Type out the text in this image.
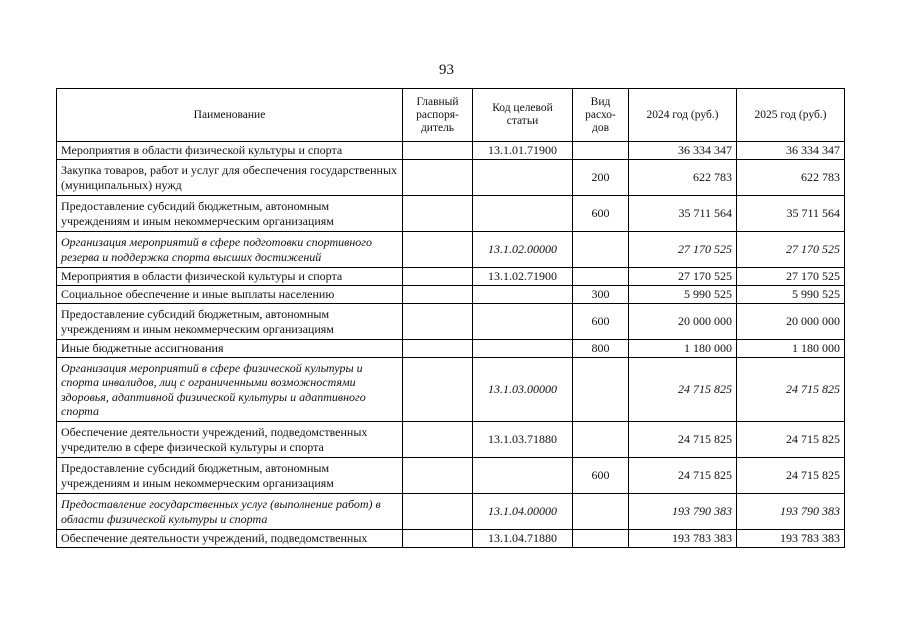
93
Паименование	Главный распоря-дитель	Код целевой статьи	Вид расхо-дов	2024 год (руб.)	2025 год (руб.)
Мероприятия в области физической культуры и спорта		13.1.01.71900		36 334 347	36 334 347
Закупка товаров, работ и услуг для обеспечения государственных (муниципальных) нужд			200	622 783	622 783
Предоставление субсидий бюджетным, автономным учреждениям и иным некоммерческим организациям			600	35 711 564	35 711 564
Организация мероприятий в сфере подготовки спортивного резерва и поддержка спорта высших достижений		13.1.02.00000		27 170 525	27 170 525
Мероприятия в области физической культуры и спорта		13.1.02.71900		27 170 525	27 170 525
Социальное обеспечение и иные выплаты населению			300	5 990 525	5 990 525
Предоставление субсидий бюджетным, автономным учреждениям и иным некоммерческим организациям			600	20 000 000	20 000 000
Иные бюджетные ассигнования			800	1 180 000	1 180 000
Организация мероприятий в сфере физической культуры и спорта инвалидов, лиц с ограниченными возможностями здоровья, адаптивной физической культуры и адаптивного спорта		13.1.03.00000		24 715 825	24 715 825
Обеспечение деятельности учреждений, подведомственных учредителю в сфере физической культуры и спорта		13.1.03.71880		24 715 825	24 715 825
Предоставление субсидий бюджетным, автономным учреждениям и иным некоммерческим организациям			600	24 715 825	24 715 825
Предоставление государственных услуг (выполнение работ) в области физической культуры и спорта		13.1.04.00000		193 790 383	193 790 383
Обеспечение деятельности учреждений, подведомственных		13.1.04.71880		193 783 383	193 783 383
